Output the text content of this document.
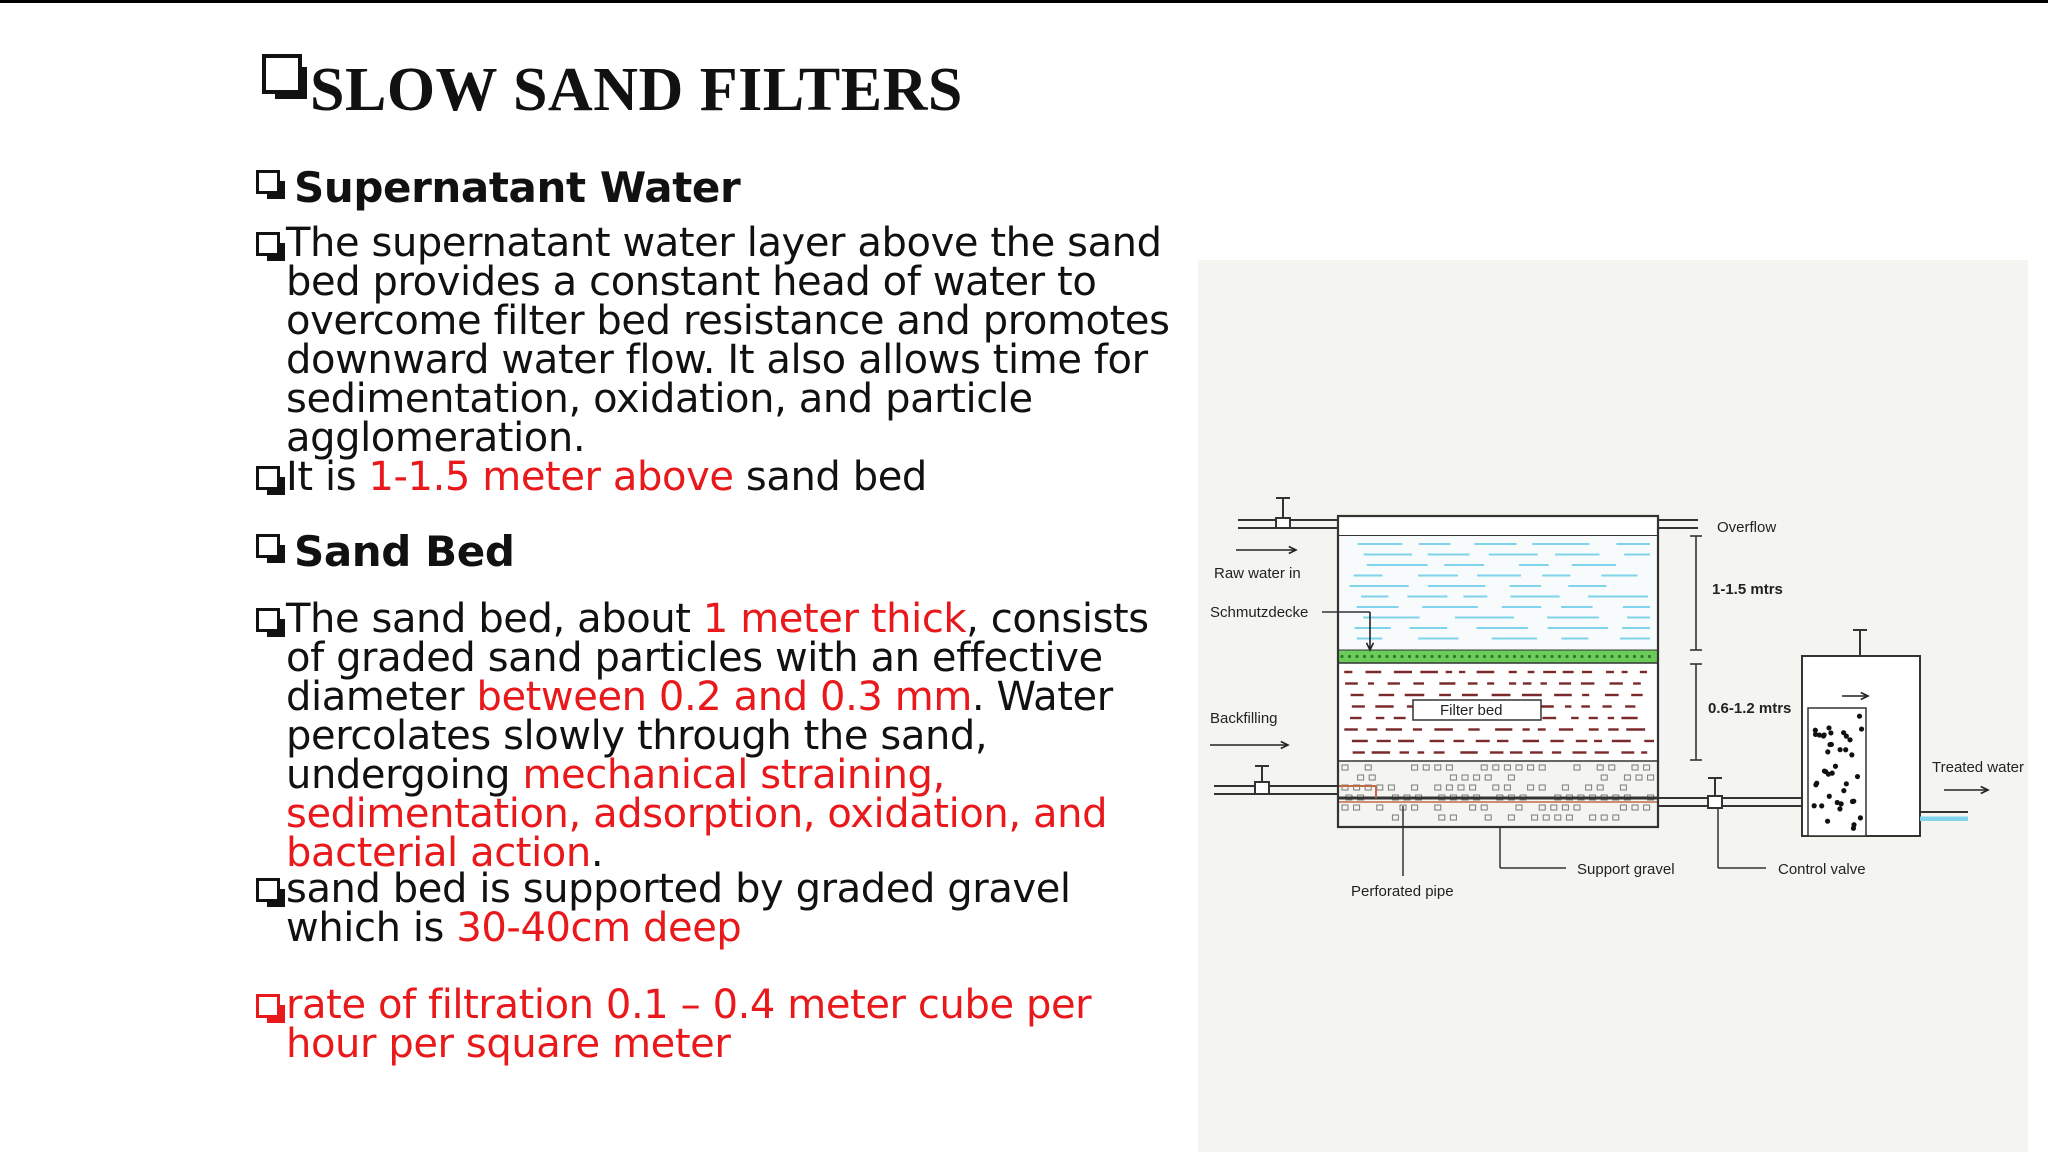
SLOW SAND FILTERS
Supernatant Water
The supernatant water layer above the sand bed provides a constant head of water to overcome filter bed resistance and promotes downward water flow. It also allows time for sedimentation, oxidation, and particle agglomeration.
It is 1-1.5 meter above sand bed
Sand Bed
The sand bed, about 1 meter thick, consists of graded sand particles with an effective diameter between 0.2 and 0.3 mm. Water percolates slowly through the sand, undergoing mechanical straining, sedimentation, adsorption, oxidation, and bacterial action.
sand bed is supported by graded gravel which is 30-40cm deep
rate of filtration 0.1 – 0.4 meter cube per hour per square meter
Filter bed
Raw water in
Overflow
1-1.5 mtrs
0.6-1.2 mtrs
Schmutzdecke
Backfilling
Treated water
Perforated pipe
Support gravel	Control valve
